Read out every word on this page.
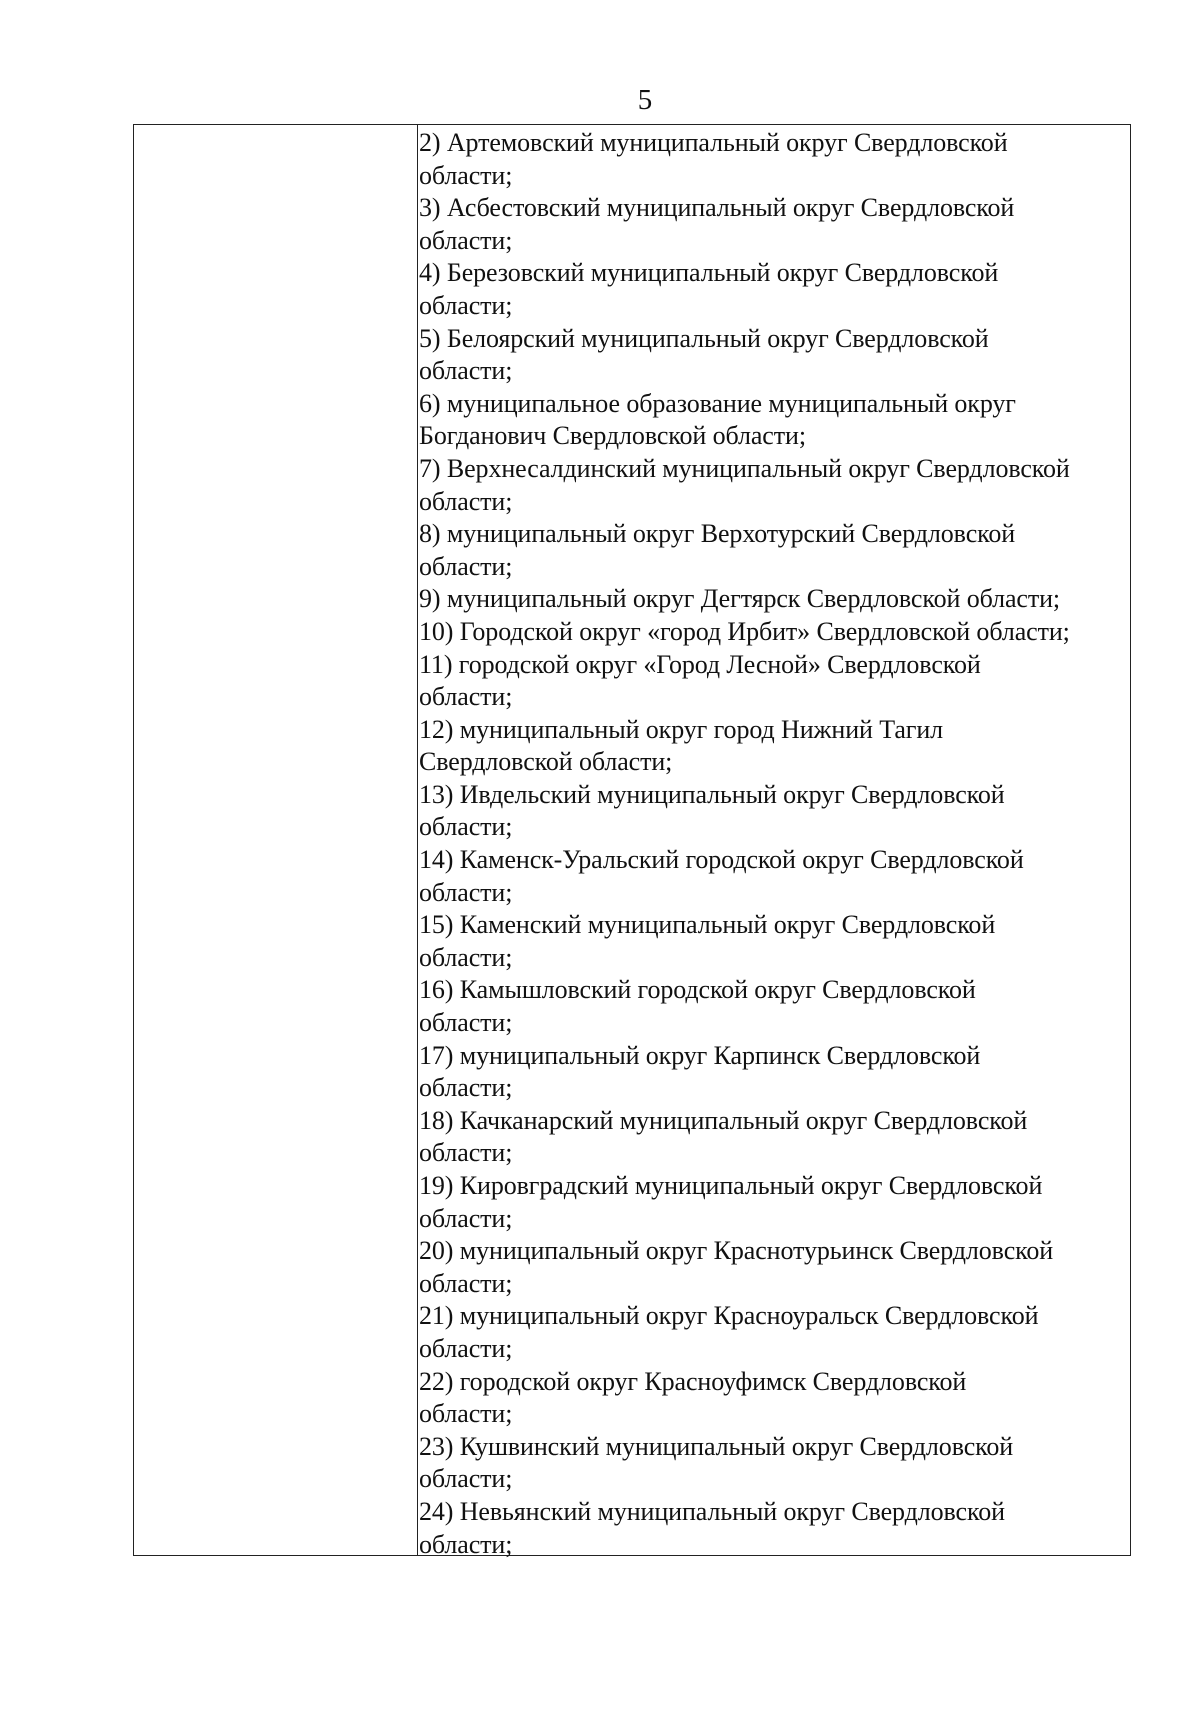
5
2) Артемовский муниципальный округ Свердловской
области;
3) Асбестовский муниципальный округ Свердловской
области;
4) Березовский муниципальный округ Свердловской
области;
5) Белоярский муниципальный округ Свердловской
области;
6) муниципальное образование муниципальный округ
Богданович Свердловской области;
7) Верхнесалдинский муниципальный округ Свердловской
области;
8) муниципальный округ Верхотурский Свердловской
области;
9) муниципальный округ Дегтярск Свердловской области;
10) Городской округ «город Ирбит» Свердловской области;
11) городской округ «Город Лесной» Свердловской
области;
12) муниципальный округ город Нижний Тагил
Свердловской области;
13) Ивдельский муниципальный округ Свердловской
области;
14) Каменск-Уральский городской округ Свердловской
области;
15) Каменский муниципальный округ Свердловской
области;
16) Камышловский городской округ Свердловской
области;
17) муниципальный округ Карпинск Свердловской
области;
18) Качканарский муниципальный округ Свердловской
области;
19) Кировградский муниципальный округ Свердловской
области;
20) муниципальный округ Краснотурьинск Свердловской
области;
21) муниципальный округ Красноуральск Свердловской
области;
22) городской округ Красноуфимск Свердловской
области;
23) Кушвинский муниципальный округ Свердловской
области;
24) Невьянский муниципальный округ Свердловской
области;
